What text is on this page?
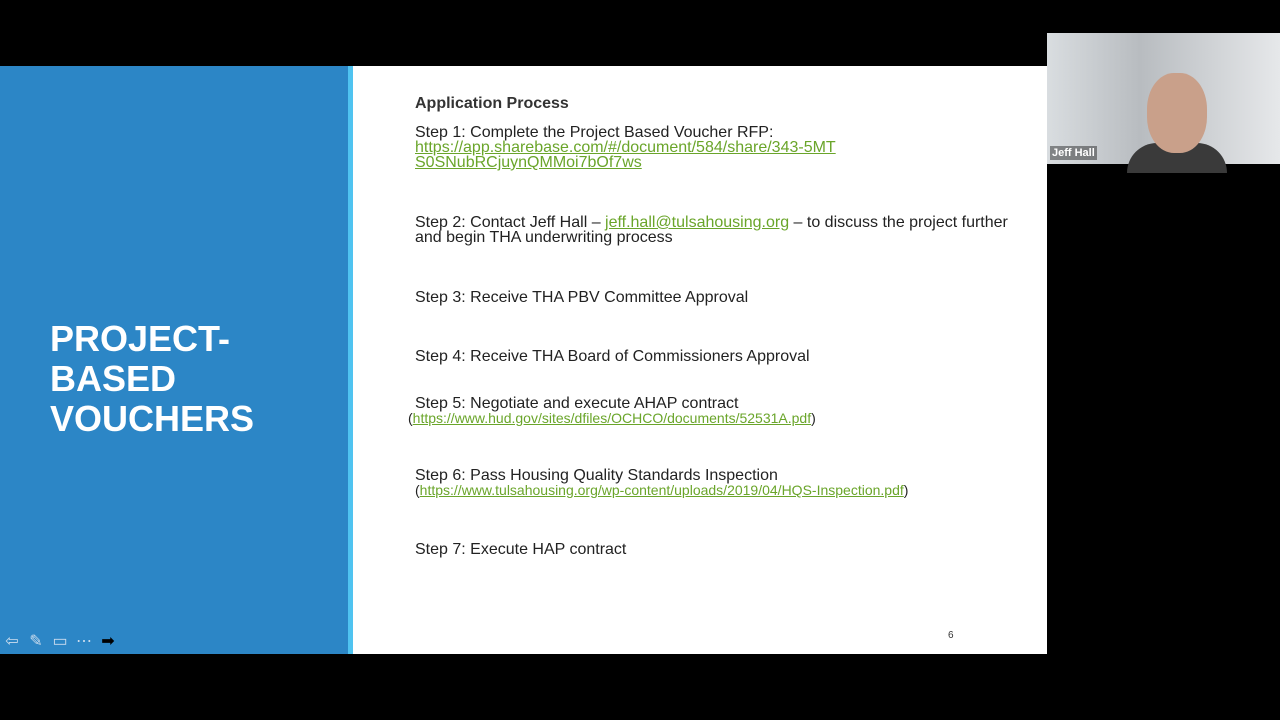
PROJECT-
BASED
VOUCHERS
⇦ ✎ ▭ ⋯ ➡
Application Process
Step 1: Complete the Project Based Voucher RFP:
https://app.sharebase.com/#/document/584/share/343-5MTS0SNubRCjuynQMMoi7bOf7ws
Step 2: Contact Jeff Hall – jeff.hall@tulsahousing.org – to discuss the project further and begin THA underwriting process
Step 3: Receive THA PBV Committee Approval
Step 4: Receive THA Board of Commissioners Approval
Step 5: Negotiate and execute AHAP contract
(https://www.hud.gov/sites/dfiles/OCHCO/documents/52531A.pdf)
Step 6: Pass Housing Quality Standards Inspection
(https://www.tulsahousing.org/wp-content/uploads/2019/04/HQS-Inspection.pdf)
Step 7: Execute HAP contract
6
Jeff Hall
